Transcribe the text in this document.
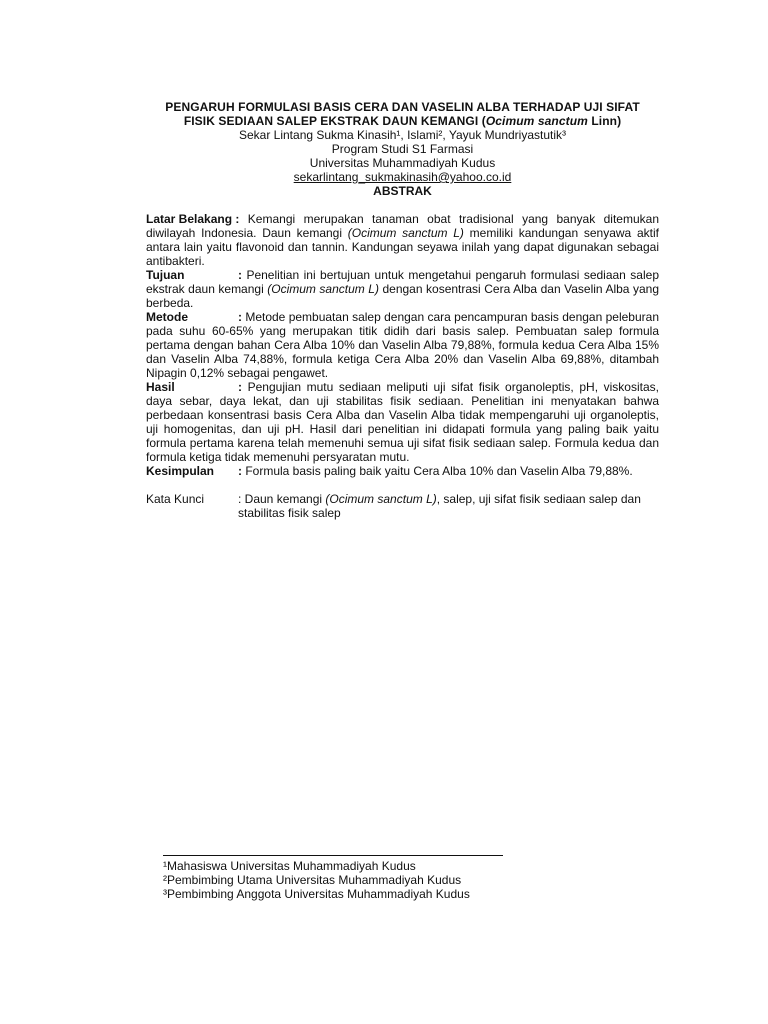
PENGARUH FORMULASI BASIS CERA DAN VASELIN ALBA TERHADAP UJI SIFAT
FISIK SEDIAAN SALEP EKSTRAK DAUN KEMANGI (Ocimum sanctum Linn)

Sekar Lintang Sukma Kinasih¹, Islami², Yayuk Mundriyastutik³
Program Studi S1 Farmasi
Universitas Muhammadiyah Kudus
sekarlintang_sukmakinasih@yahoo.co.id
ABSTRAK

Latar Belakang : Kemangi merupakan tanaman obat tradisional yang banyak ditemukan diwilayah Indonesia. Daun kemangi (Ocimum sanctum L) memiliki kandungan senyawa aktif antara lain yaitu flavonoid dan tannin. Kandungan seyawa inilah yang dapat digunakan sebagai antibakteri.

Tujuan	: Penelitian ini bertujuan untuk mengetahui pengaruh formulasi sediaan salep ekstrak daun kemangi (Ocimum sanctum L) dengan kosentrasi Cera Alba dan Vaselin Alba yang berbeda.

Metode	: Metode pembuatan salep dengan cara pencampuran basis dengan peleburan pada suhu 60-65% yang merupakan titik didih dari basis salep. Pembuatan salep formula pertama dengan bahan Cera Alba 10% dan Vaselin Alba 79,88%, formula kedua Cera Alba 15% dan Vaselin Alba 74,88%, formula ketiga Cera Alba 20% dan Vaselin Alba 69,88%, ditambah Nipagin 0,12% sebagai pengawet.

Hasil	: Pengujian mutu sediaan meliputi uji sifat fisik organoleptis, pH, viskositas, daya sebar, daya lekat, dan uji stabilitas fisik sediaan. Penelitian ini menyatakan bahwa perbedaan konsentrasi basis Cera Alba dan Vaselin Alba tidak mempengaruhi uji organoleptis, uji homogenitas, dan uji pH. Hasil dari penelitian ini didapati formula yang paling baik yaitu formula pertama karena telah memenuhi semua uji sifat fisik sediaan salep. Formula kedua dan formula ketiga tidak memenuhi persyaratan mutu.

Kesimpulan : Formula basis paling baik yaitu Cera Alba 10% dan Vaselin Alba 79,88%.

Kata Kunci	: Daun kemangi (Ocimum sanctum L), salep, uji sifat fisik sediaan salep dan stabilitas fisik salep
¹Mahasiswa Universitas Muhammadiyah Kudus
²Pembimbing Utama Universitas Muhammadiyah Kudus
³Pembimbing Anggota Universitas Muhammadiyah Kudus
